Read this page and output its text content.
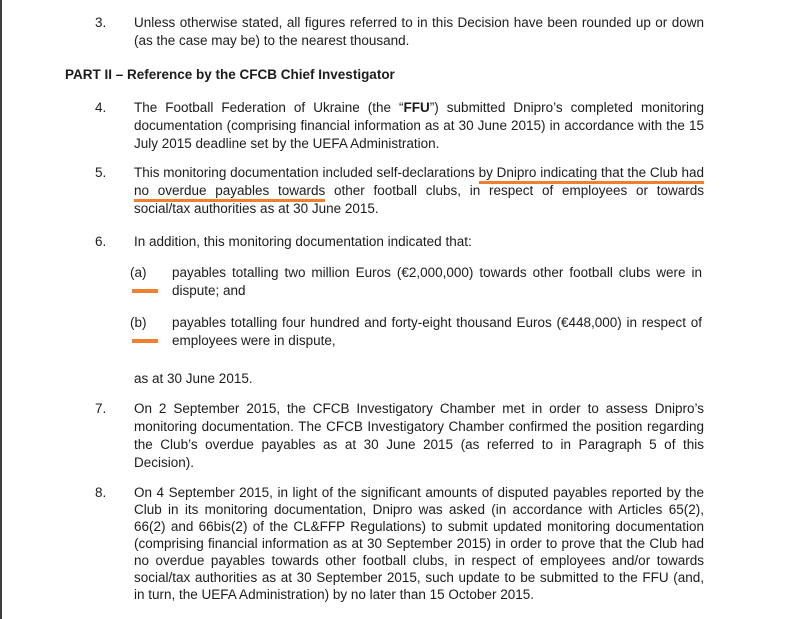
3. Unless otherwise stated, all figures referred to in this Decision have been rounded up or down (as the case may be) to the nearest thousand.
PART II – Reference by the CFCB Chief Investigator
4. The Football Federation of Ukraine (the “FFU”) submitted Dnipro’s completed monitoring documentation (comprising financial information as at 30 June 2015) in accordance with the 15 July 2015 deadline set by the UEFA Administration.
5. This monitoring documentation included self-declarations by Dnipro indicating that the Club had no overdue payables towards other football clubs, in respect of employees or towards social/tax authorities as at 30 June 2015.
6. In addition, this monitoring documentation indicated that:
(a) payables totalling two million Euros (€2,000,000) towards other football clubs were in dispute; and
(b) payables totalling four hundred and forty-eight thousand Euros (€448,000) in respect of employees were in dispute,
as at 30 June 2015.
7. On 2 September 2015, the CFCB Investigatory Chamber met in order to assess Dnipro’s monitoring documentation. The CFCB Investigatory Chamber confirmed the position regarding the Club’s overdue payables as at 30 June 2015 (as referred to in Paragraph 5 of this Decision).
8. On 4 September 2015, in light of the significant amounts of disputed payables reported by the Club in its monitoring documentation, Dnipro was asked (in accordance with Articles 65(2), 66(2) and 66bis(2) of the CL&FFP Regulations) to submit updated monitoring documentation (comprising financial information as at 30 September 2015) in order to prove that the Club had no overdue payables towards other football clubs, in respect of employees and/or towards social/tax authorities as at 30 September 2015, such update to be submitted to the FFU (and, in turn, the UEFA Administration) by no later than 15 October 2015.
